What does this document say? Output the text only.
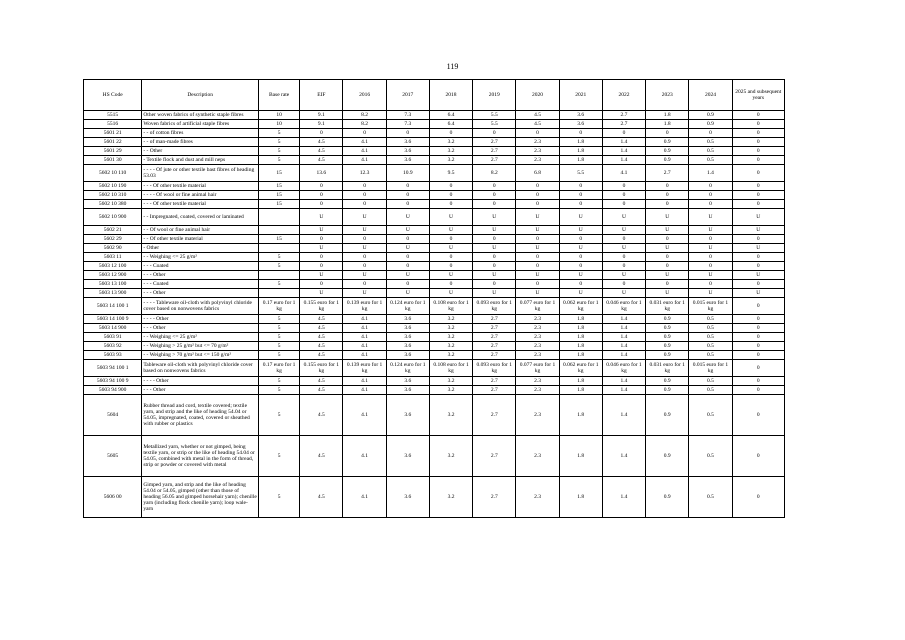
119
HS Code	Description	Base rate	EIF	2016	2017	2018	2019	2020	2021	2022	2023	2024	2025 and subsequent years
5515	Other woven fabrics of synthetic staple fibres	10	9.1	8.2	7.3	6.4	5.5	4.5	3.6	2.7	1.8	0.9	0
5516	Woven fabrics of artificial staple fibres	10	9.1	8.2	7.3	6.4	5.5	4.5	3.6	2.7	1.8	0.9	0
5601 21	- - of cotton fibres	5	0	0	0	0	0	0	0	0	0	0	0
5601 22	- - of man-made fibres	5	4.5	4.1	3.6	3.2	2.7	2.3	1.8	1.4	0.9	0.5	0
5601 29	- - Other	5	4.5	4.1	3.6	3.2	2.7	2.3	1.8	1.4	0.9	0.5	0
5601 30	- Textile flock and dust and mill neps	5	4.5	4.1	3.6	3.2	2.7	2.3	1.8	1.4	0.9	0.5	0
5602 10 110	- - - - Of jute or other textile bast fibres of heading 53.03	15	13.6	12.3	10.9	9.5	8.2	6.8	5.5	4.1	2.7	1.4	0
5602 10 190	- - - Of other textile material	15	0	0	0	0	0	0	0	0	0	0	0
5602 10 310	- - - - Of wool or fine animal hair	15	0	0	0	0	0	0	0	0	0	0	0
5602 10 380	- - - Of other textile material	15	0	0	0	0	0	0	0	0	0	0	0
5602 10 900	- - Impregnated, coated, covered or laminated		U	U	U	U	U	U	U	U	U	U	U
5602 21	- - Of wool or fine animal hair		U	U	U	U	U	U	U	U	U	U	U
5602 29	- - Of other textile material	15	0	0	0	0	0	0	0	0	0	0	0
5602 90	- Other		U	U	U	U	U	U	U	U	U	U	U
5603 11	- - Weighing <= 25 g/m²	5	0	0	0	0	0	0	0	0	0	0	0
5603 12 100	- - - Coated	5	0	0	0	0	0	0	0	0	0	0	0
5603 12 900	- - - Other		U	U	U	U	U	U	U	U	U	U	U
5603 13 100	- - - Coated	5	0	0	0	0	0	0	0	0	0	0	0
5603 13 900	- - - Other		U	U	U	U	U	U	U	U	U	U	U
5603 14 100 1	- - - - Tableware oil-cloth with polyvinyl chloride cover based on nonwovens fabrics	0.17 euro for 1 kg	0.155 euro for 1 kg	0.139 euro for 1 kg	0.124 euro for 1 kg	0.108 euro for 1 kg	0.093 euro for 1 kg	0.077 euro for 1 kg	0.062 euro for 1 kg	0.046 euro for 1 kg	0.031 euro for 1 kg	0.015 euro for 1 kg	0
5603 14 100 9	- - - - Other	5	4.5	4.1	3.6	3.2	2.7	2.3	1.8	1.4	0.9	0.5	0
5603 14 900	- - - Other	5	4.5	4.1	3.6	3.2	2.7	2.3	1.8	1.4	0.9	0.5	0
5603 91	- - Weighing <= 25 g/m²	5	4.5	4.1	3.6	3.2	2.7	2.3	1.8	1.4	0.9	0.5	0
5603 92	- - Weighing > 25 g/m² but <= 70 g/m²	5	4.5	4.1	3.6	3.2	2.7	2.3	1.8	1.4	0.9	0.5	0
5603 93	- - Weighing > 70 g/m² but <= 150 g/m²	5	4.5	4.1	3.6	3.2	2.7	2.3	1.8	1.4	0.9	0.5	0
5603 94 100 1	Tableware oil-cloth with polyvinyl chloride cover based on nonwovens fabrics	0.17 euro for 1 kg	0.155 euro for 1 kg	0.139 euro for 1 kg	0.124 euro for 1 kg	0.108 euro for 1 kg	0.093 euro for 1 kg	0.077 euro for 1 kg	0.062 euro for 1 kg	0.046 euro for 1 kg	0.031 euro for 1 kg	0.015 euro for 1 kg	0
5603 94 100 9	- - - - Other	5	4.5	4.1	3.6	3.2	2.7	2.3	1.8	1.4	0.9	0.5	0
5603 94 900	- - - Other	5	4.5	4.1	3.6	3.2	2.7	2.3	1.8	1.4	0.9	0.5	0
5604	Rubber thread and cord, textile covered; textile yarn, and strip and the like of heading 54.04 or 54.05, impregnated, coated, covered or sheathed with rubber or plastics	5	4.5	4.1	3.6	3.2	2.7	2.3	1.8	1.4	0.9	0.5	0
5605	Metallized yarn, whether or not gimped, being textile yarn, or strip or the like of heading 54.04 or 54.05, combined with metal in the form of thread, strip or powder or covered with metal	5	4.5	4.1	3.6	3.2	2.7	2.3	1.8	1.4	0.9	0.5	0
5606 00	Gimped yarn, and strip and the like of heading 54.04 or 54.05, gimped (other than those of heading 56.05 and gimped horsehair yarn); chenille yarn (including flock chenille yarn); loop wale-yarn	5	4.5	4.1	3.6	3.2	2.7	2.3	1.8	1.4	0.9	0.5	0
